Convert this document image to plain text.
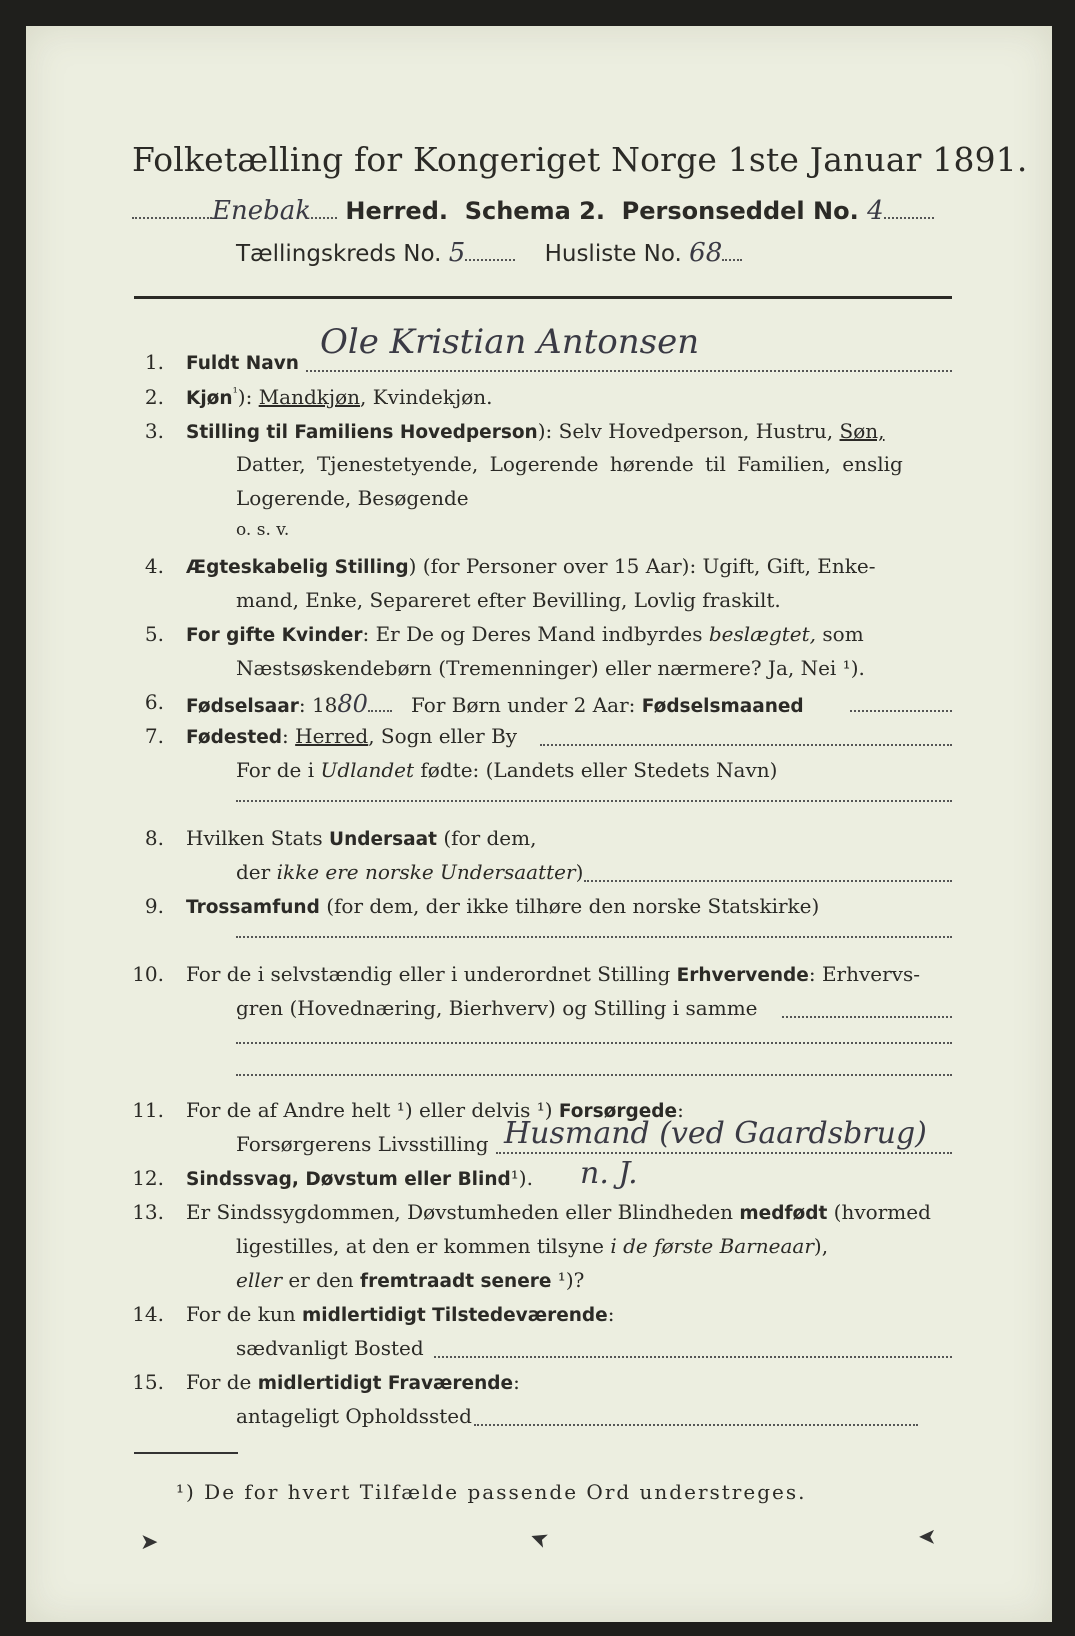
Folketælling for Kongeriget Norge 1ste Januar 1891.
Enebak Herred. Schema 2. Personseddel No. 4
Tællingskreds No. 5	Husliste No. 68
1. Fuldt Navn
Ole Kristian Antonsen
2. Kjøn$^{^1}$): Mandkjøn, Kvindekjøn.
3. Stilling til Familiens Hovedperson): Selv Hovedperson, Hustru, Søn,
Datter, Tjenestetyende, Logerende hørende til Familien, enslig
Logerende, Besøgende
o. s. v.
4. Ægteskabelig Stilling) (for Personer over 15 Aar): Ugift, Gift, Enke-
mand, Enke, Separeret efter Bevilling, Lovlig fraskilt.
5. For gifte Kvinder: Er De og Deres Mand indbyrdes beslægtet, som
Næstsøskendebørn (Tremenninger) eller nærmere? Ja, Nei ¹).
6. Fødselsaar: 1880 For Børn under 2 Aar: Fødselsmaaned
7. Fødested: Herred, Sogn eller By
For de i Udlandet fødte: (Landets eller Stedets Navn)
8. Hvilken Stats Undersaat (for dem,
der ikke ere norske Undersaatter)
9. Trossamfund (for dem, der ikke tilhøre den norske Statskirke)
10. For de i selvstændig eller i underordnet Stilling Erhvervende: Erhvervs-
gren (Hovednæring, Bierhverv) og Stilling i samme
11. For de af Andre helt ¹) eller delvis ¹) Forsørgede:
Forsørgerens Livsstilling Husmand (ved Gaardsbrug)
12. Sindssvag, Døvstum eller Blind¹). n. J.
13. Er Sindssygdommen, Døvstumheden eller Blindheden medfødt (hvormed
ligestilles, at den er kommen tilsyne i de første Barneaar),
eller er den fremtraadt senere ¹)?
14. For de kun midlertidigt Tilstedeværende:
sædvanligt Bosted
15. For de midlertidigt Fraværende:
antageligt Opholdssted
¹) De for hvert Tilfælde passende Ord understreges.
➤	➤	➤
